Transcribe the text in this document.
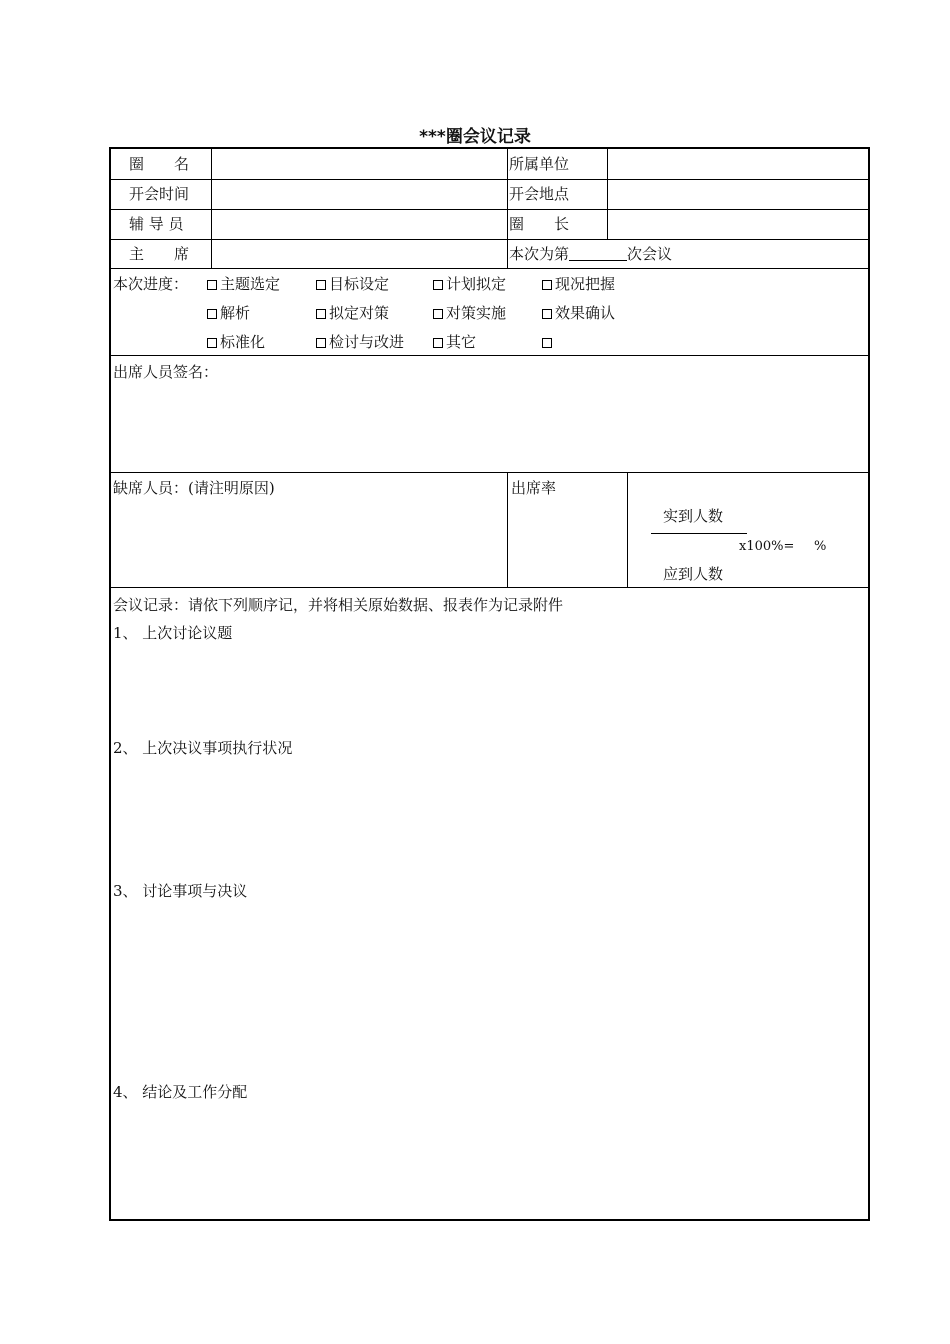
***圈会议记录
圈　　名	所属单位
开会时间	开会地点
辅 导 员	圈　　长
主　　席	本次为第	次会议
本次进度：	主题选定	目标设定	计划拟定	现况把握
解析	拟定对策	对策实施	效果确认
标准化	检讨与改进	其它
出席人员签名：
缺席人员：(请注明原因)	出席率
实到人数
x100%= %
应到人数
会议记录：请依下列顺序记，并将相关原始数据、报表作为记录附件
1、 上次讨论议题
2、 上次决议事项执行状况
3、 讨论事项与决议
4、 结论及工作分配
